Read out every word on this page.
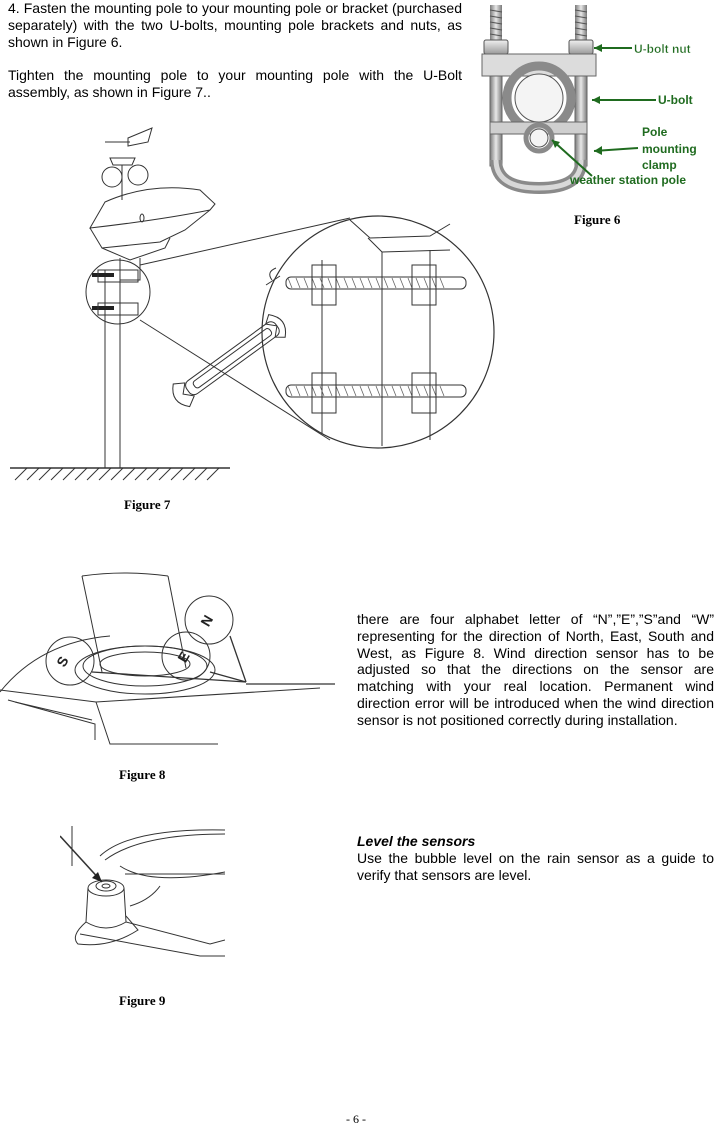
4. Fasten the mounting pole to your mounting pole or bracket (purchased separately) with the two U-bolts, mounting pole brackets and nuts, as shown in Figure 6.

Tighten the mounting pole to your mounting pole with the U-Bolt assembly, as shown in Figure 7..

U-bolt nut
U-bolt
Pole
mounting
clamp
weather station pole
Figure 6
Figure 7
S	E
N
Figure 8

there are four alphabet letter of “N”,”E”,”S”and “W” representing for the direction of North, East, South and West, as Figure 8. Wind direction sensor has to be adjusted so that the directions on the sensor are matching with your real location. Permanent wind direction error will be introduced when the wind direction sensor is not positioned correctly during installation.

Figure 9
Level the sensors
Use the bubble level on the rain sensor as a guide to verify that sensors are level.
- 6 -
